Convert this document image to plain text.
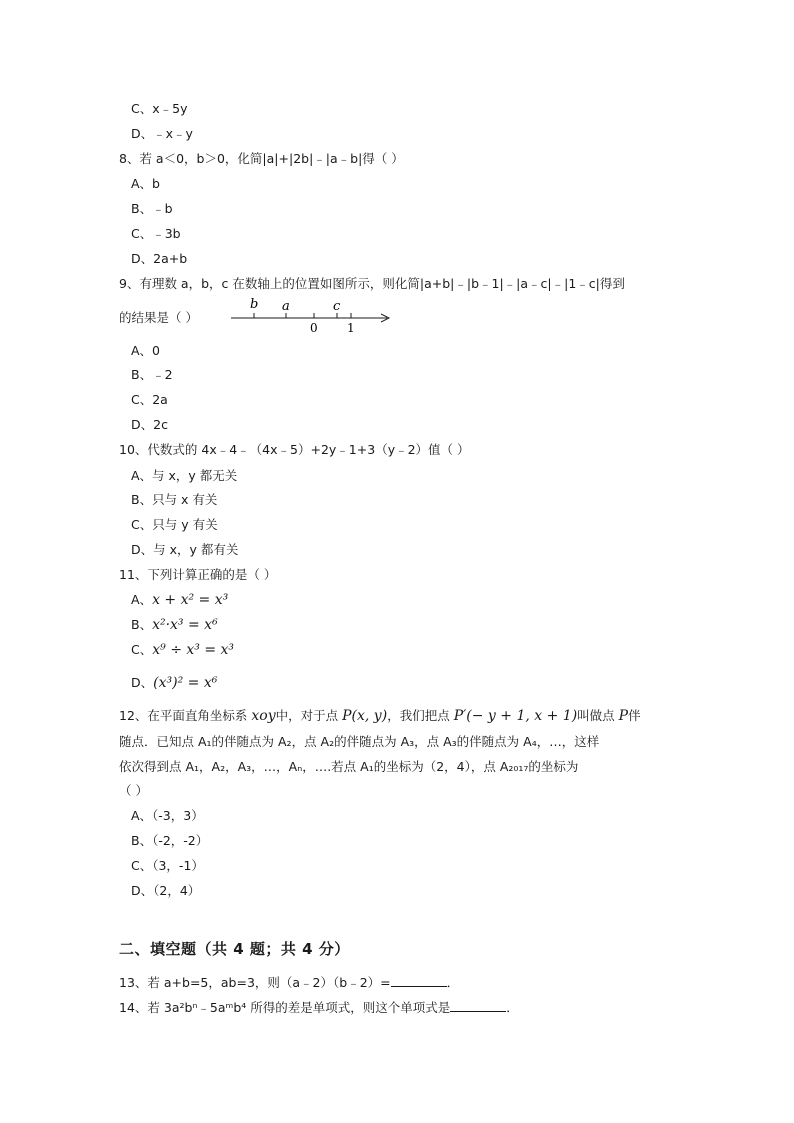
C、x﹣5y
D、﹣x﹣y
8、若 a＜0，b＞0，化简|a|+|2b|﹣|a﹣b|得（ ）
A、b
B、﹣b
C、﹣3b
D、2a+b
9、有理数 a，b，c 在数轴上的位置如图所示，则化简|a+b|﹣|b﹣1|﹣|a﹣c|﹣|1﹣c|得到
的结果是（ ）
b a	c
0 1
A、0
B、﹣2
C、2a
D、2c
10、代数式的 4x﹣4﹣（4x﹣5）+2y﹣1+3（y﹣2）值（ ）
A、与 x，y 都无关
B、只与 x 有关
C、只与 y 有关
D、与 x，y 都有关
11、下列计算正确的是（ ）
A、x + x² = x³
B、x²·x³ = x⁶
C、x⁹ ÷ x³ = x³
D、(x³)² = x⁶
12、在平面直角坐标系 xoy中，对于点 P(x, y)，我们把点 P′(− y + 1, x + 1)叫做点 P伴
随点．已知点 A₁的伴随点为 A₂，点 A₂的伴随点为 A₃，点 A₃的伴随点为 A₄，…，这样
依次得到点 A₁，A₂，A₃，…，Aₙ，….若点 A₁的坐标为（2，4），点 A₂₀₁₇的坐标为
（ ）
A、（-3，3）
B、（-2，-2）
C、（3，-1）
D、（2，4）
二、填空题（共 4 题；共 4 分）
13、若 a+b=5，ab=3，则（a﹣2）（b﹣2）=	．
14、若 3a²bⁿ﹣5aᵐb⁴ 所得的差是单项式，则这个单项式是	．
